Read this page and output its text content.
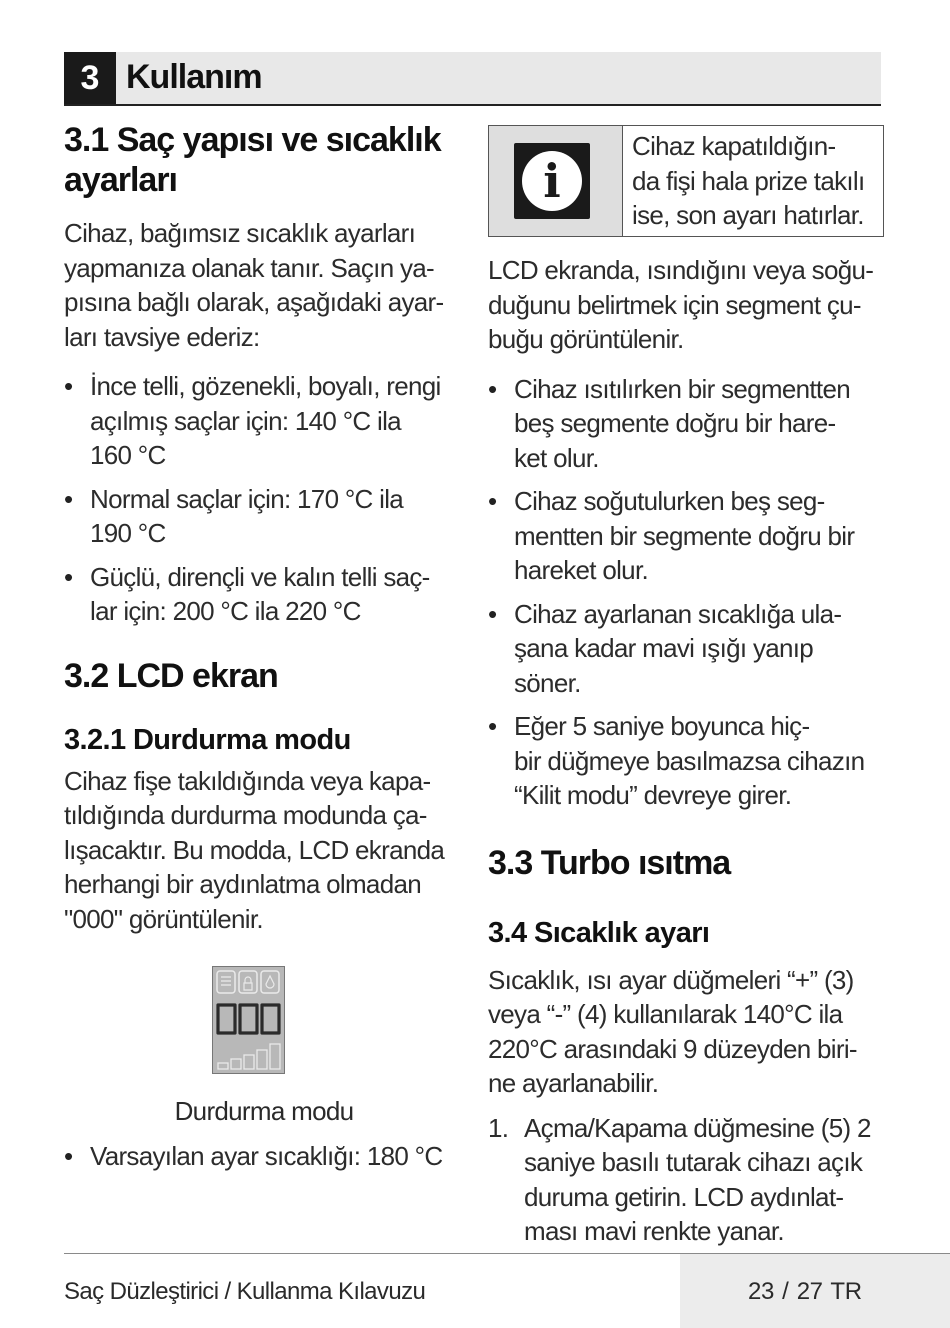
3 Kullanım
3.1 Saç yapısı ve sıcaklık
ayarları

Cihaz, bağımsız sıcaklık ayarları
yapmanıza olanak tanır. Saçın ya-
pısına bağlı olarak, aşağıdaki ayar-
ları tavsiye ederiz:

• İnce telli, gözenekli, boyalı, rengi
açılmış saçlar için: 140 °C ila
160 °C
• Normal saçlar için: 170 °C ila
190 °C
• Güçlü, dirençli ve kalın telli saç-
lar için: 200 °C ila 220 °C
3.2 LCD ekran
3.2.1 Durdurma modu

Cihaz fişe takıldığında veya kapa-
tıldığında durdurma modunda ça-
lışacaktır. Bu modda, LCD ekranda
herhangi bir aydınlatma olmadan
"000" görüntülenir.

Durdurma modu
• Varsayılan ayar sıcaklığı: 180 °C
i
Cihaz kapatıldığın-
da fişi hala prize takılı
ise, son ayarı hatırlar.

LCD ekranda, ısındığını veya soğu-
duğunu belirtmek için segment çu-
buğu görüntülenir.

• Cihaz ısıtılırken bir segmentten
beş segmente doğru bir hare-
ket olur.
• Cihaz soğutulurken beş seg-
mentten bir segmente doğru bir
hareket olur.
• Cihaz ayarlanan sıcaklığa ula-
şana kadar mavi ışığı yanıp
söner.
• Eğer 5 saniye boyunca hiç-
bir düğmeye basılmazsa cihazın
“Kilit modu” devreye girer.
3.3 Turbo ısıtma
3.4 Sıcaklık ayarı

Sıcaklık, ısı ayar düğmeleri “+” (3)
veya “-” (4) kullanılarak 140°C ila
220°C arasındaki 9 düzeyden biri-
ne ayarlanabilir.

1. Açma/Kapama düğmesine (5) 2
saniye basılı tutarak cihazı açık
duruma getirin. LCD aydınlat-
ması mavi renkte yanar.
Saç Düzleştirici / Kullanma Kılavuzu	23 / 27 TR
